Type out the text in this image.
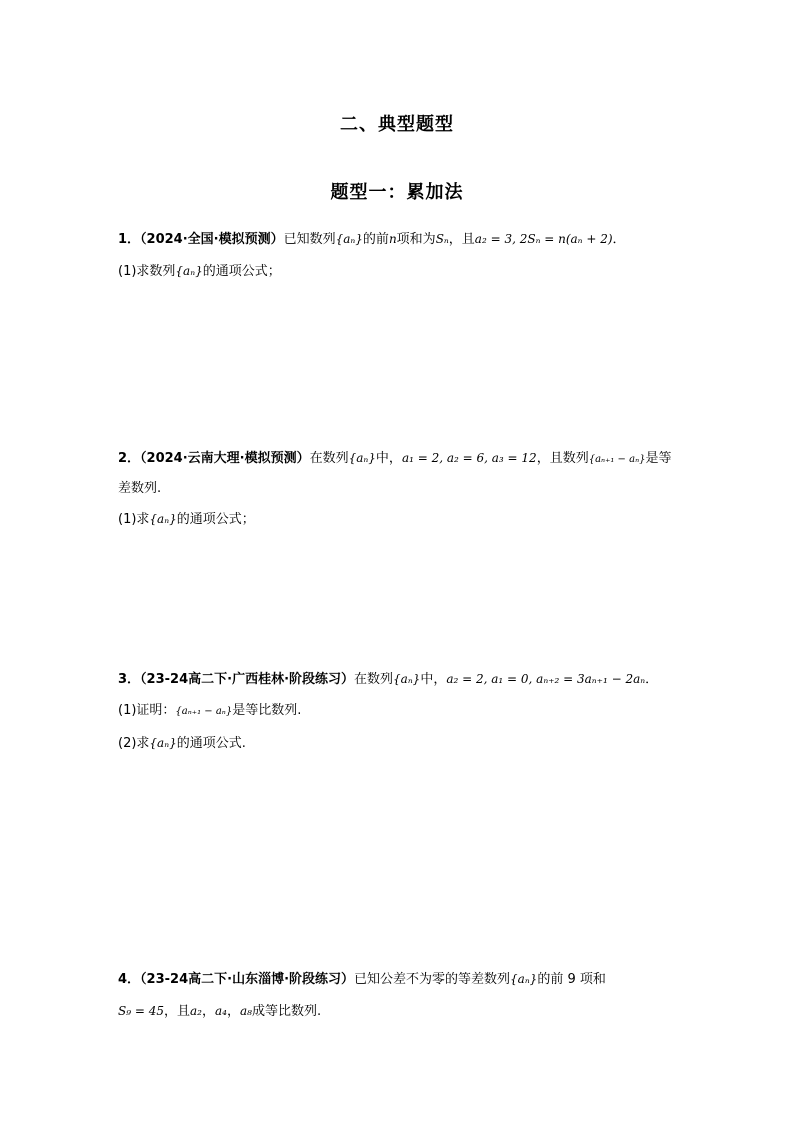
二、典型题型
题型一：累加法
1．（2024·全国·模拟预测）已知数列{aₙ}的前n项和为Sₙ，且a₂ = 3, 2Sₙ = n(aₙ + 2)．
(1)求数列{aₙ}的通项公式；
2．（2024·云南大理·模拟预测）在数列{aₙ}中，a₁ = 2, a₂ = 6, a₃ = 12，且数列{aₙ₊₁ − aₙ}是等
差数列.
(1)求{aₙ}的通项公式；
3．（23-24高二下·广西桂林·阶段练习）在数列{aₙ}中，a₂ = 2, a₁ = 0, aₙ₊₂ = 3aₙ₊₁ − 2aₙ．
(1)证明：{aₙ₊₁ − aₙ}是等比数列.
(2)求{aₙ}的通项公式.
4．（23-24高二下·山东淄博·阶段练习）已知公差不为零的等差数列{aₙ}的前 9 项和
S₉ = 45，且a₂，a₄，a₈成等比数列.
